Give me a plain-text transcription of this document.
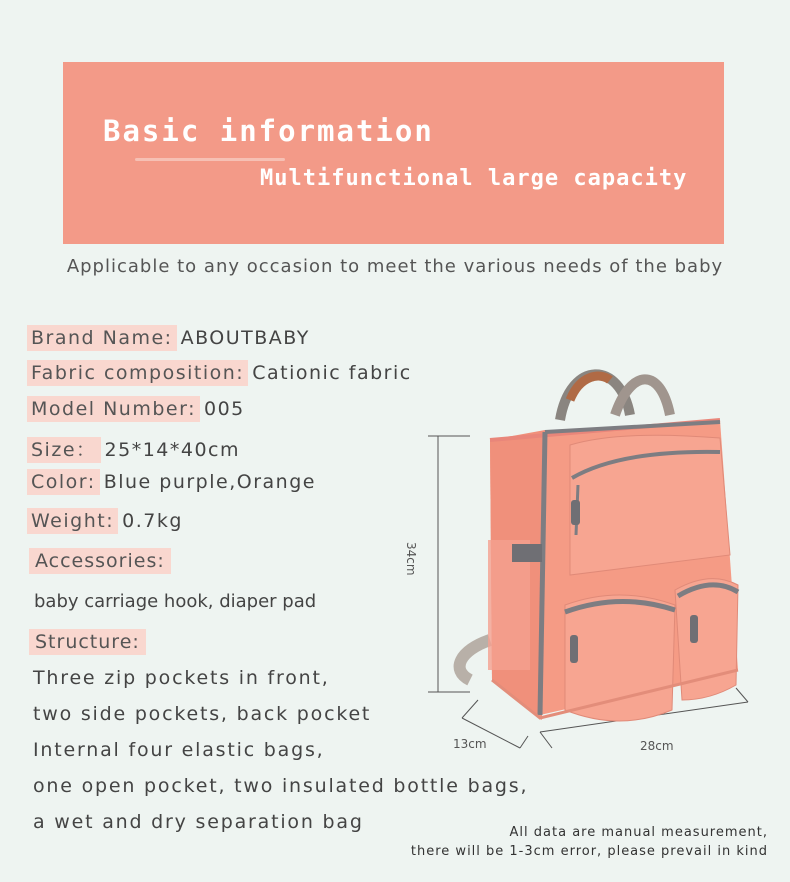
Basic information
Multifunctional large capacity
Applicable to any occasion to meet the various needs of the baby
Brand Name: ABOUTBABY
Fabric composition: Cationic fabric
Model Number: 005
Size： 25*14*40cm
Color: Blue purple,Orange
Weight: 0.7kg
Accessories:
baby carriage hook, diaper pad
Structure:
Three zip pockets in front,
two side pockets, back pocket
Internal four elastic bags,
one open pocket, two insulated bottle bags,
a wet and dry separation bag
34cm
13cm	28cm
All data are manual measurement,
there will be 1-3cm error, please prevail in kind
